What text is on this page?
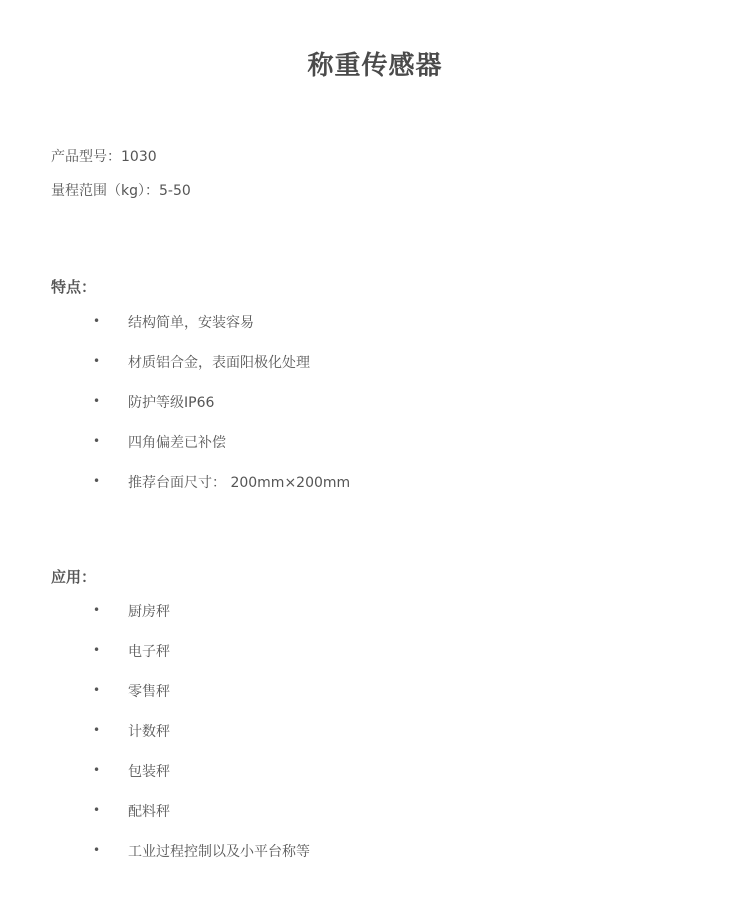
称重传感器
产品型号：1030
量程范围（kg）：5-50
特点：
• 结构简单，安装容易
• 材质铝合金，表面阳极化处理
• 防护等级IP66
• 四角偏差已补偿
• 推荐台面尺寸： 200mm×200mm
应用：
• 厨房秤
• 电子秤
• 零售秤
• 计数秤
• 包装秤
• 配料秤
• 工业过程控制以及小平台称等
